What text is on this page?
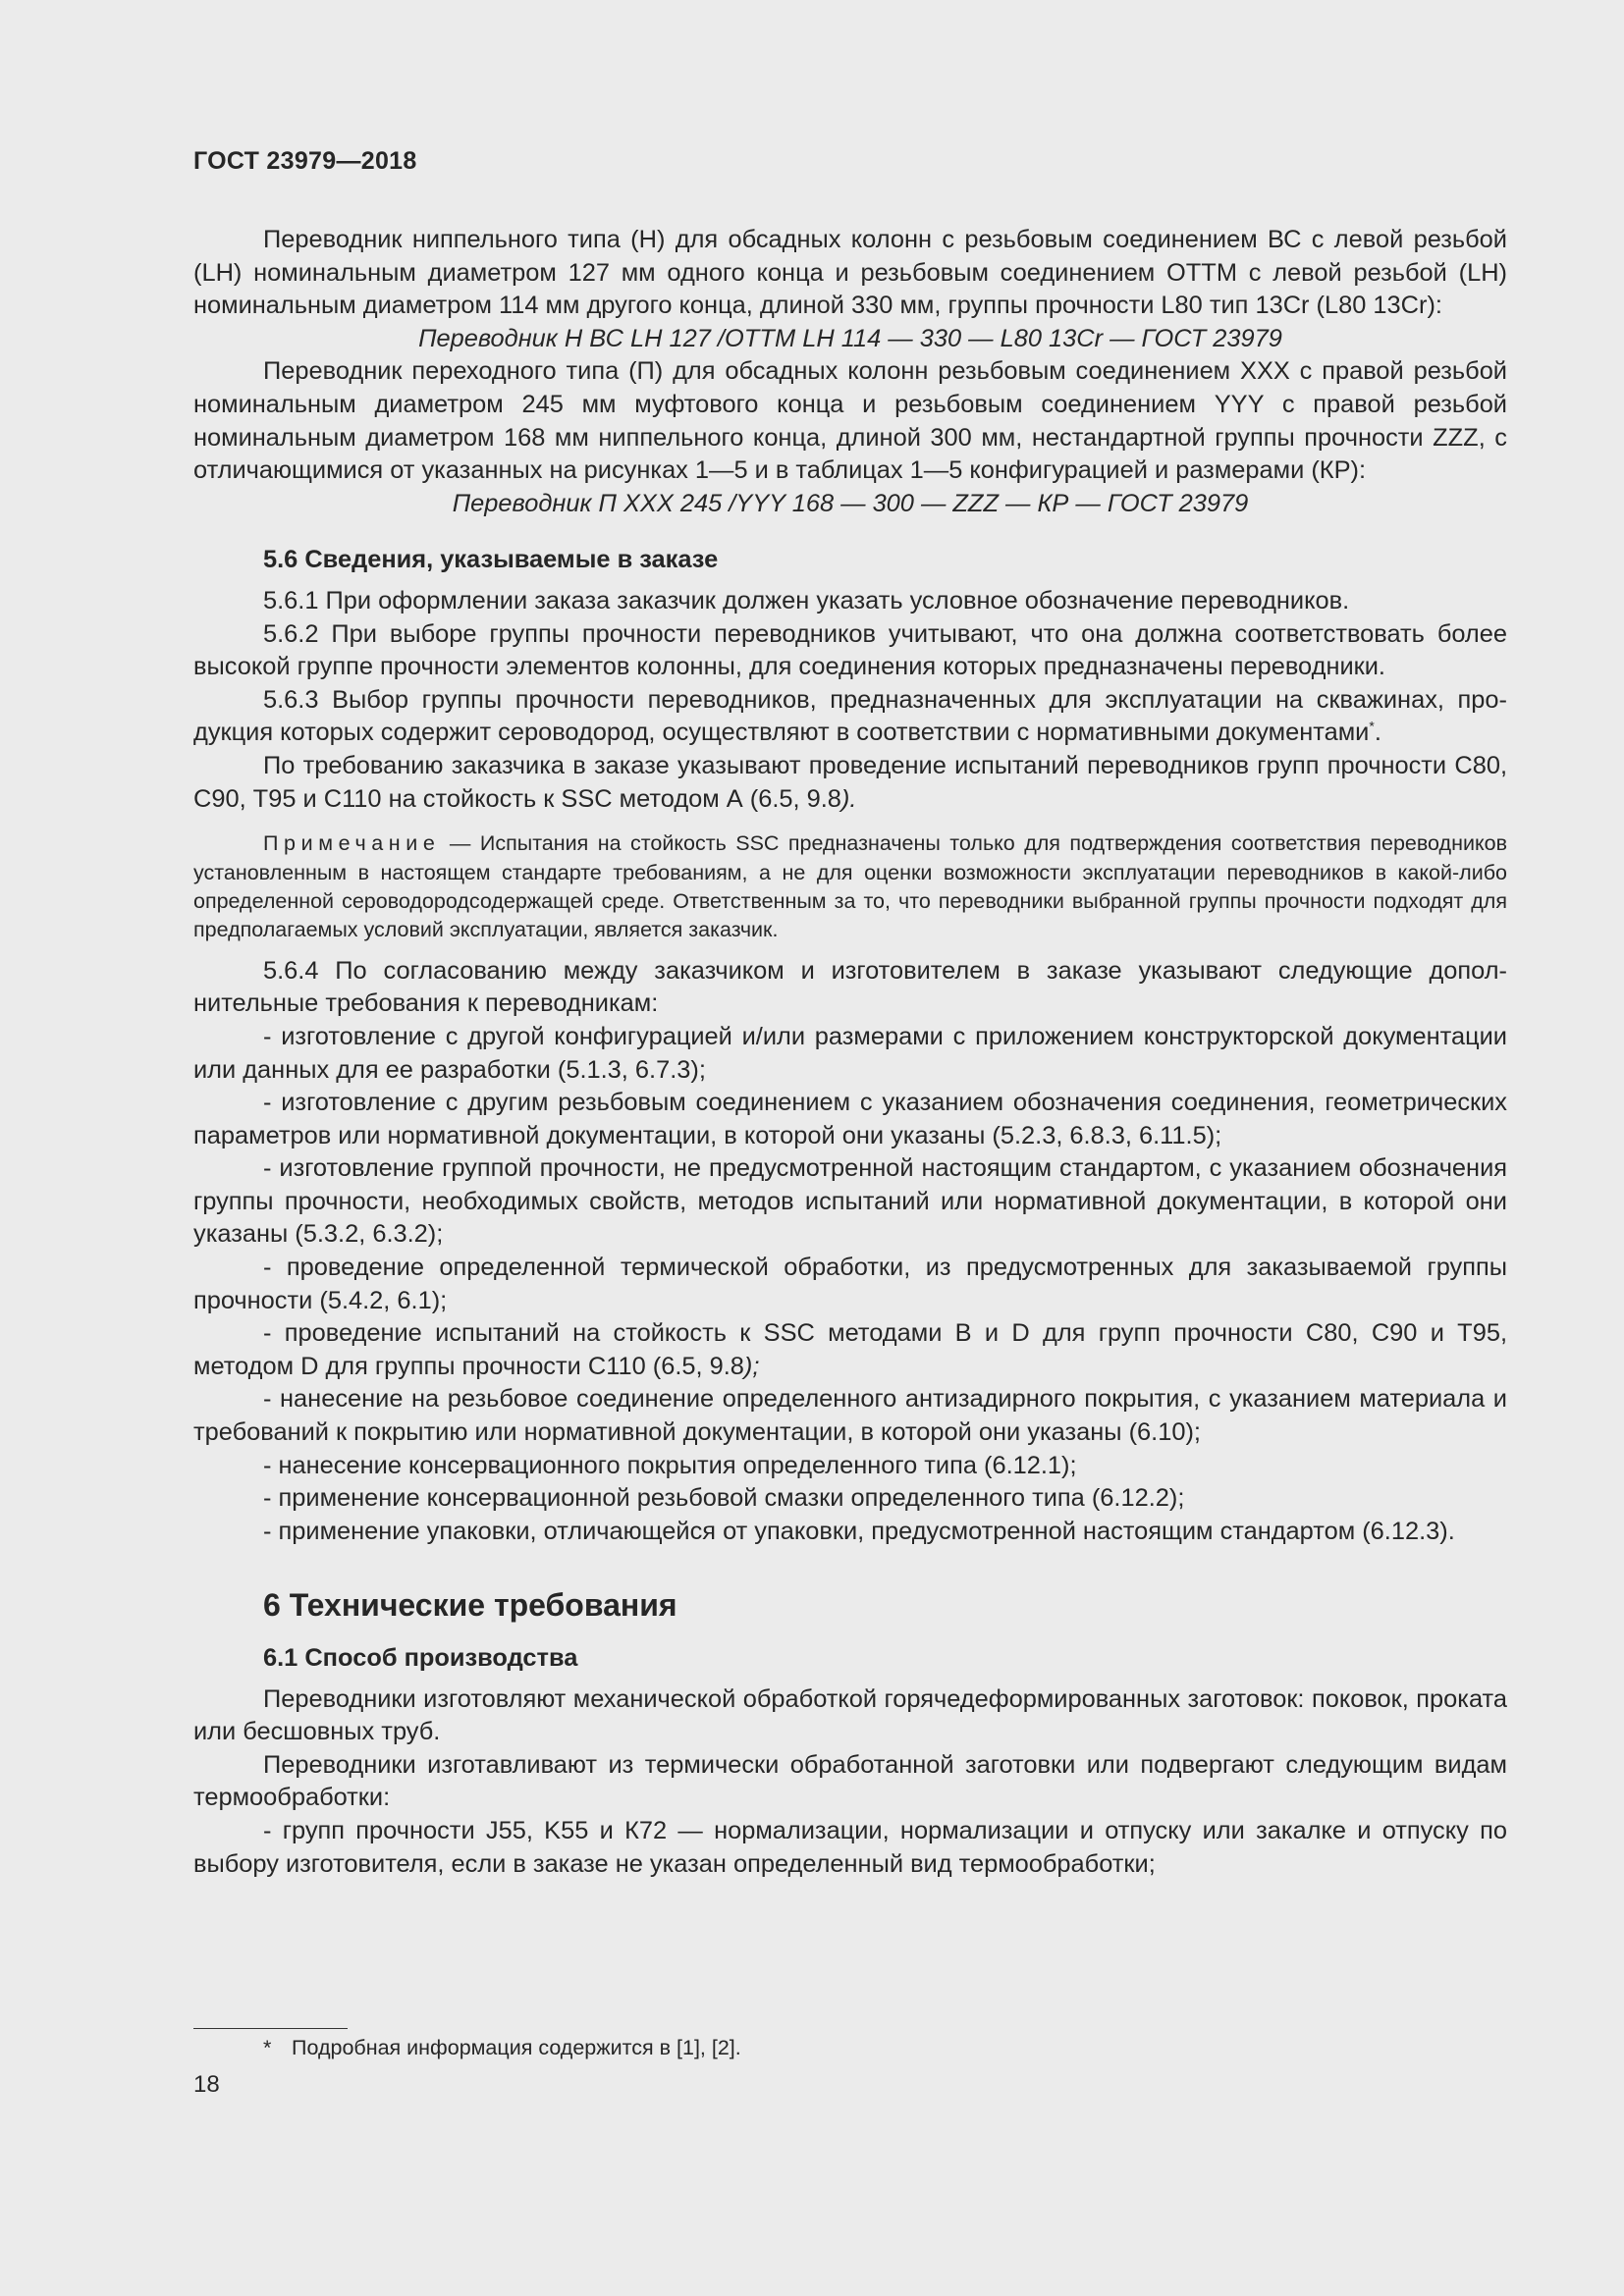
ГОСТ 23979—2018

Переводник ниппельного типа (Н) для обсадных колонн с резьбовым соединением ВС с левой резьбой (LH) номинальным диаметром 127 мм одного конца и резьбовым соединением ОТТМ с левой резьбой (LH) номинальным диаметром 114 мм другого конца, длиной 330 мм, группы прочности L80 тип 13Cr (L80 13Cr):

Переводник Н ВС LH 127 /ОТТМ LH 114 — 330 — L80 13Cr — ГОСТ 23979

Переводник переходного типа (П) для обсадных колонн резьбовым соединением XXX с правой резьбой номинальным диаметром 245 мм муфтового конца и резьбовым соединением YYY с правой резьбой номинальным диаметром 168 мм ниппельного конца, длиной 300 мм, нестандартной группы прочности ZZZ, с отличающимися от указанных на рисунках 1—5 и в таблицах 1—5 конфигурацией и размерами (КР):

Переводник П XXX 245 /YYY 168 — 300 — ZZZ — КР — ГОСТ 23979

5.6 Сведения, указываемые в заказе

5.6.1 При оформлении заказа заказчик должен указать условное обозначение переводников.

5.6.2 При выборе группы прочности переводников учитывают, что она должна соответствовать более высокой группе прочности элементов колонны, для соединения которых предназначены переводники.

5.6.3 Выбор группы прочности переводников, предназначенных для эксплуатации на скважинах, продукция которых содержит сероводород, осуществляют в соответствии с нормативными документами*.

По требованию заказчика в заказе указывают проведение испытаний переводников групп прочности С80, С90, Т95 и С110 на стойкость к SSC методом А (6.5, 9.8).

Примечание — Испытания на стойкость SSC предназначены только для подтверждения соответствия переводников установленным в настоящем стандарте требованиям, а не для оценки возможности эксплуатации переводников в какой-либо определенной сероводородсодержащей среде. Ответственным за то, что переводники выбранной группы прочности подходят для предполагаемых условий эксплуатации, является заказчик.

5.6.4 По согласованию между заказчиком и изготовителем в заказе указывают следующие дополнительные требования к переводникам:

- изготовление с другой конфигурацией и/или размерами с приложением конструкторской документации или данных для ее разработки (5.1.3, 6.7.3);

- изготовление с другим резьбовым соединением с указанием обозначения соединения, геометрических параметров или нормативной документации, в которой они указаны (5.2.3, 6.8.3, 6.11.5);

- изготовление группой прочности, не предусмотренной настоящим стандартом, с указанием обозначения группы прочности, необходимых свойств, методов испытаний или нормативной документации, в которой они указаны (5.3.2, 6.3.2);

- проведение определенной термической обработки, из предусмотренных для заказываемой группы прочности (5.4.2, 6.1);

- проведение испытаний на стойкость к SSC методами В и D для групп прочности С80, С90 и Т95, методом D для группы прочности С110 (6.5, 9.8);

- нанесение на резьбовое соединение определенного антизадирного покрытия, с указанием материала и требований к покрытию или нормативной документации, в которой они указаны (6.10);

- нанесение консервационного покрытия определенного типа (6.12.1);

- применение консервационной резьбовой смазки определенного типа (6.12.2);

- применение упаковки, отличающейся от упаковки, предусмотренной настоящим стандартом (6.12.3).

6 Технические требования
6.1 Способ производства

Переводники изготовляют механической обработкой горячедеформированных заготовок: поковок, проката или бесшовных труб.

Переводники изготавливают из термически обработанной заготовки или подвергают следующим видам термообработки:

- групп прочности J55, K55 и К72 — нормализации, нормализации и отпуску или закалке и отпуску по выбору изготовителя, если в заказе не указан определенный вид термообработки;

* Подробная информация содержится в [1], [2].
18
